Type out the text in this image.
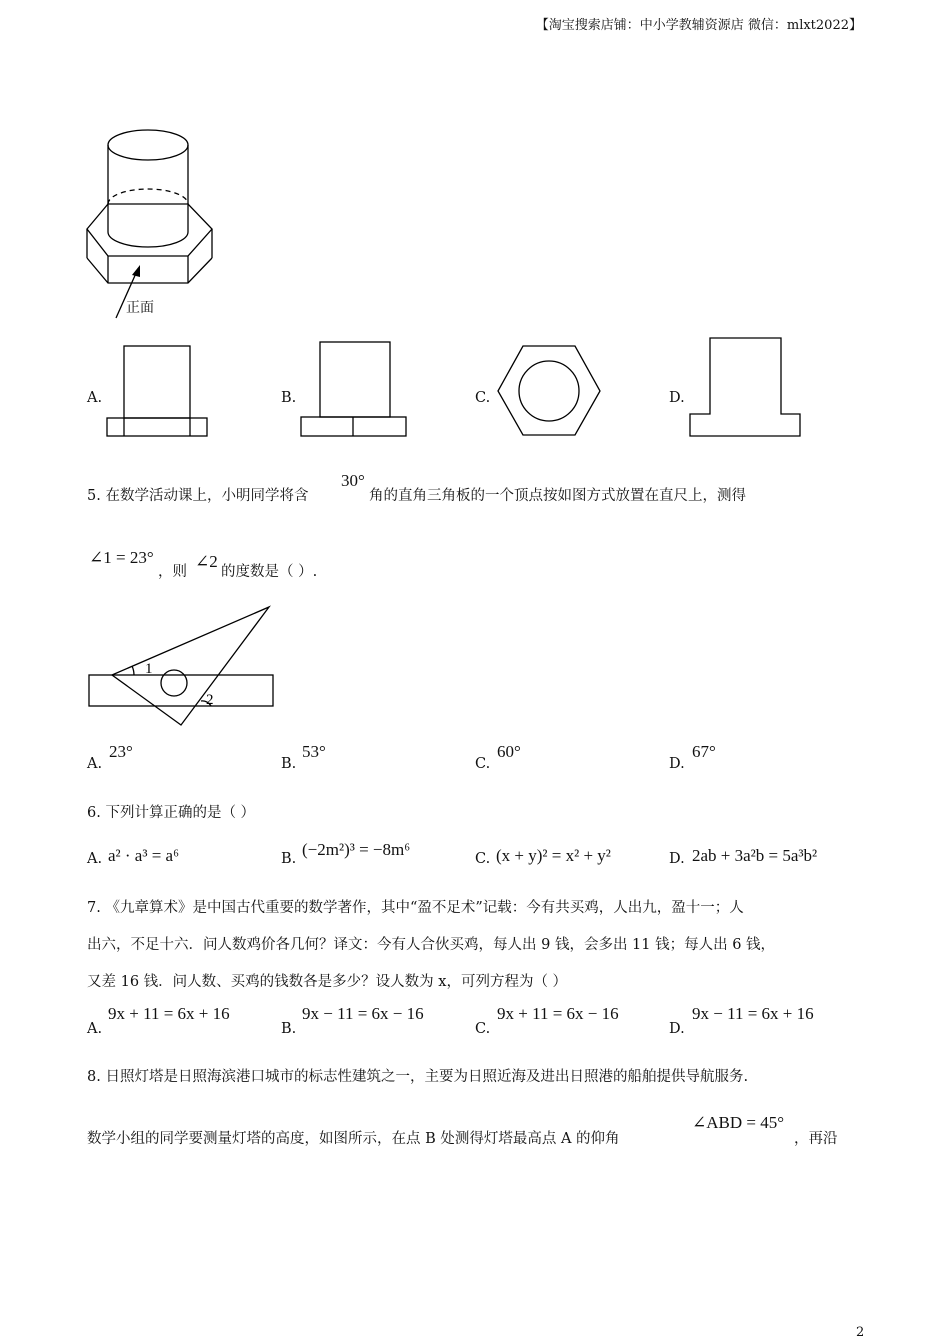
【淘宝搜索店铺：中小学教辅资源店 微信：mlxt2022】
正面
A.	B.	C.	D.
5. 在数学活动课上，小明同学将含
30°
角的直角三角板的一个顶点按如图方式放置在直尺上，测得
∠1 = 23°
，则
∠2
的度数是（ ）.
1
2
A.
23°
B.
53°
C.
60°
D.
67°
6. 下列计算正确的是（ ）
A. a² · a³ = a⁶	B. (−2m²)³ = −8m⁶	C. (x + y)² = x² + y²	D. 2ab + 3a²b = 5a³b²
7. 《九章算术》是中国古代重要的数学著作，其中“盈不足术”记载：今有共买鸡，人出九，盈十一；人
出六，不足十六．问人数鸡价各几何？译文：今有人合伙买鸡，每人出 9 钱，会多出 11 钱；每人出 6 钱，
又差 16 钱．问人数、买鸡的钱数各是多少？设人数为 x，可列方程为（ ）
A.
9x + 11 = 6x + 16
B.
9x − 11 = 6x − 16
C.
9x + 11 = 6x − 16
D.
9x − 11 = 6x + 16
8. 日照灯塔是日照海滨港口城市的标志性建筑之一，主要为日照近海及进出日照港的船舶提供导航服务.
数学小组的同学要测量灯塔的高度，如图所示，在点 B 处测得灯塔最高点 A 的仰角
∠ABD = 45°
，再沿
2
